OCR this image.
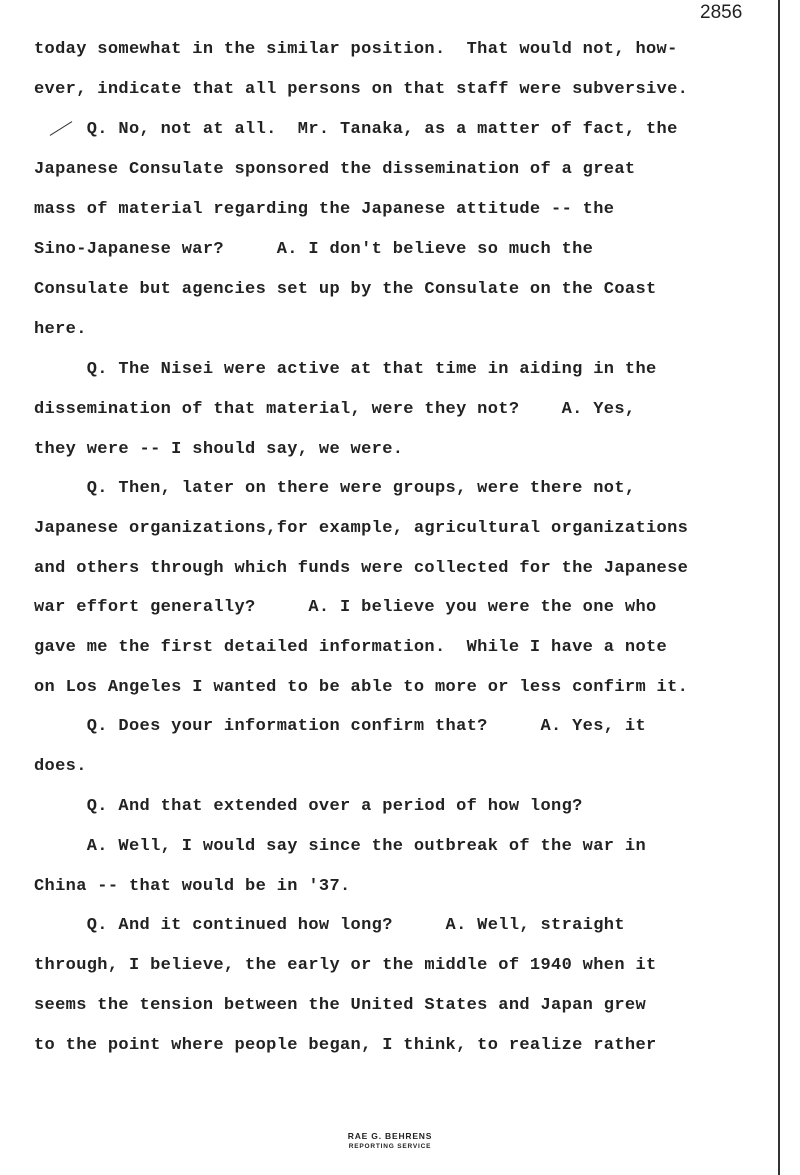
2856
today somewhat in the similar position.  That would not, how-
ever, indicate that all persons on that staff were subversive.
Q. No, not at all.  Mr. Tanaka, as a matter of fact, the
Japanese Consulate sponsored the dissemination of a great
mass of material regarding the Japanese attitude -- the
Sino-Japanese war?     A. I don't believe so much the
Consulate but agencies set up by the Consulate on the Coast
here.
Q. The Nisei were active at that time in aiding in the
dissemination of that material, were they not?    A. Yes,
they were -- I should say, we were.
Q. Then, later on there were groups, were there not,
Japanese organizations,for example, agricultural organizations
and others through which funds were collected for the Japanese
war effort generally?     A. I believe you were the one who
gave me the first detailed information.  While I have a note
on Los Angeles I wanted to be able to more or less confirm it.
Q. Does your information confirm that?     A. Yes, it
does.
Q. And that extended over a period of how long?
A. Well, I would say since the outbreak of the war in
China -- that would be in '37.
Q. And it continued how long?     A. Well, straight
through, I believe, the early or the middle of 1940 when it
seems the tension between the United States and Japan grew
to the point where people began, I think, to realize rather
RAE G. BEHRENS
REPORTING SERVICE
